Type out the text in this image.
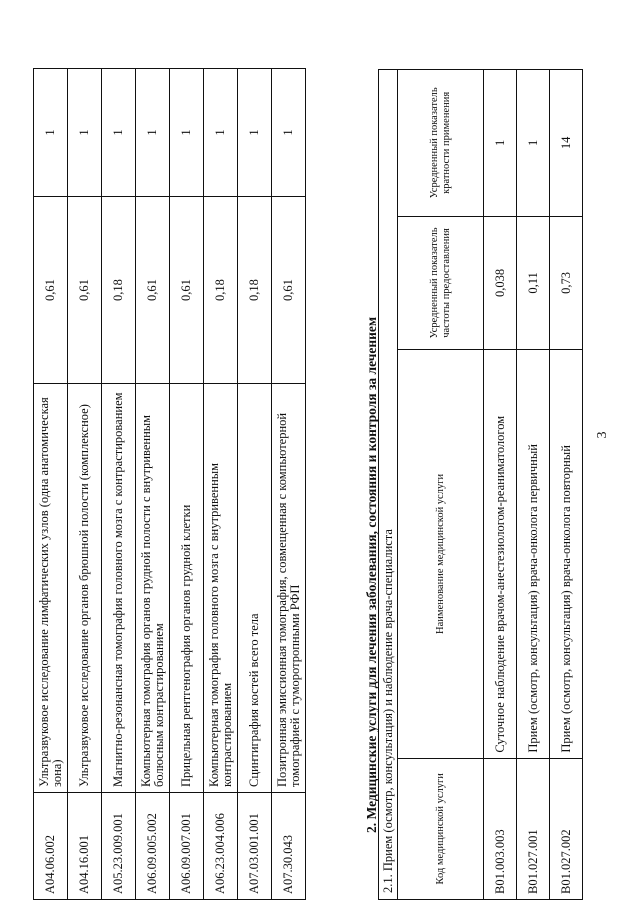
3
A04.06.002	Ультразвуковое исследование лимфатических узлов (одна анатомическая зона)	0,61	1
A04.16.001	Ультразвуковое исследование органов брюшной полости (комплексное)	0,61	1
A05.23.009.001	Магнитно-резонансная томография головного мозга с контрастированием	0,18	1
A06.09.005.002	Компьютерная томография органов грудной полости с внутривенным болюсным контрастированием	0,61	1
A06.09.007.001	Прицельная рентгенография органов грудной клетки	0,61	1
A06.23.004.006	Компьютерная томография головного мозга с внутривенным контрастированием	0,18	1
A07.03.001.001	Сцинтиграфия костей всего тела	0,18	1
A07.30.043	Позитронная эмиссионная томография, совмещенная с компьютерной томографией с туморотропными РФП	0,61	1
2. Медицинские услуги для лечения заболевания, состояния и контроля за лечением 2.1. Прием (осмотр, консультация) и наблюдение врача-специалиста			
Код медицинской услуги	Наименование медицинской услуги	Усредненный показатель частоты предоставления	Усредненный показатель кратности применения
B01.003.003	Суточное наблюдение врачом-анестезиологом-реаниматологом	0,038	1
B01.027.001	Прием (осмотр, консультация) врача-онколога первичный	0,11	1
B01.027.002	Прием (осмотр, консультация) врача-онколога повторный	0,73	14
